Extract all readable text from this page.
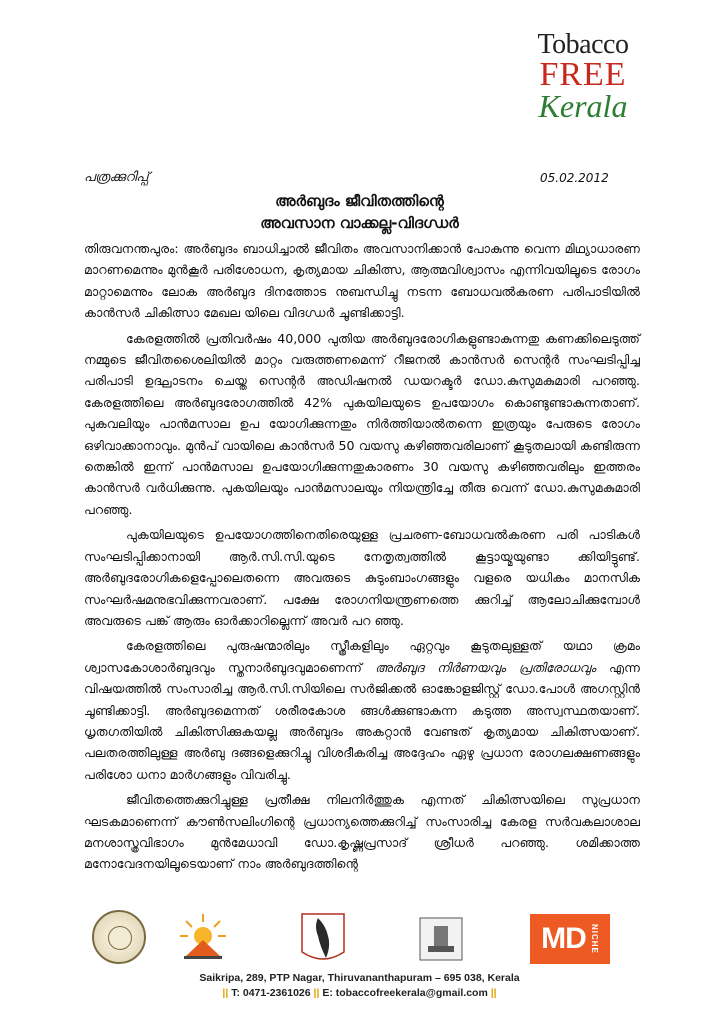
Tobacco
FREE
Kerala
പത്രക്കുറിപ്പ്	05.02.2012
അർബുദം ജീവിതത്തിന്റെ
അവസാന വാക്കല്ല-വിദഗ്ധർ

തിരുവനന്തപുരം: അർബുദം ബാധിച്ചാൽ ജീവിതം അവസാനിക്കാൻ പോകുന്നു വെന്ന മിഥ്യാധാരണ മാറണമെന്നും മുൻകൂർ പരിശോധന, കൃത്യമായ ചികിത്സ, ആത്മവിശ്വാസം എന്നിവയിലൂടെ രോഗം മാറ്റാമെന്നും ലോക അർബുദ ദിനത്തോട നുബന്ധിച്ചു നടന്ന ബോധവൽകരണ പരിപാടിയിൽ കാൻസർ ചികിത്സാ മേഖല യിലെ വിദഗ്ധർ ചൂണ്ടിക്കാട്ടി.

കേരളത്തിൽ പ്രതിവർഷം 40,000 പുതിയ അർബുദരോഗികളുണ്ടാകുന്നതു കണക്കിലെടുത്ത് നമ്മുടെ ജീവിതശൈലിയിൽ മാറ്റം വരുത്തണമെന്ന് റീജനൽ കാൻസർ സെന്റർ സംഘടിപ്പിച്ച പരിപാടി ഉദ്ഘാടനം ചെയ്ത സെന്റർ അഡിഷനൽ ഡയറക്ടർ ഡോ.കുസുമകുമാരി പറഞ്ഞു. കേരളത്തിലെ അർബുദരോഗത്തിൽ 42% പുകയിലയുടെ ഉപയോഗം കൊണ്ടുണ്ടാകുന്നതാണ്. പുകവലിയും പാൻമസാല ഉപ യോഗിക്കുന്നതും നിർത്തിയാൽതന്നെ ഇത്രയും പേരുടെ രോഗം ഒഴിവാക്കാനാവും. മുൻപ് വായിലെ കാൻസർ 50 വയസു കഴിഞ്ഞവരിലാണ് കൂടുതലായി കണ്ടിരുന്ന തെങ്കിൽ ഇന്ന് പാൻമസാല ഉപയോഗിക്കുന്നതുകാരണം 30 വയസു കഴിഞ്ഞവരിലും ഇത്തരം കാൻസർ വർധിക്കുന്നു. പുകയിലയും പാൻമസാലയും നിയന്ത്രിച്ചേ തീരു വെന്ന് ഡോ.കുസുമകുമാരി പറഞ്ഞു.

പുകയിലയുടെ ഉപയോഗത്തിനെതിരെയുള്ള പ്രചരണ-ബോധവൽകരണ പരി പാടികൾ സംഘടിപ്പിക്കാനായി ആർ.സി.സി.യുടെ നേതൃത്വത്തിൽ കൂട്ടായ്മയുണ്ടാ ക്കിയിട്ടുണ്ട്. അർബുദരോഗികളെപ്പോലെതന്നെ അവരുടെ കുടുംബാംഗങ്ങളും വളരെ യധികം മാനസിക സംഘർഷമനുഭവിക്കുന്നവരാണ്. പക്ഷേ രോഗനിയന്ത്രണത്തെ ക്കുറിച്ച് ആലോചിക്കുമ്പോൾ അവരുടെ പങ്ക് ആരും ഓർക്കാറില്ലെന്ന് അവർ പറ ഞ്ഞു.

കേരളത്തിലെ പുരുഷന്മാരിലും സ്ത്രീകളിലും ഏറ്റവും കൂടുതലുള്ളത് യഥാ ക്രമം ശ്വാസകോശാർബുദവും സ്തനാർബുദവുമാണെന്ന് അർബുദ നിർണയവും പ്രതിരോധവും എന്ന വിഷയത്തിൽ സംസാരിച്ച ആർ.സി.സിയിലെ സർജിക്കൽ ഓങ്കോളജിസ്റ്റ് ഡോ.പോൾ അഗസ്റ്റിൻ ചൂണ്ടിക്കാട്ടി. അർബുദമെന്നത് ശരീരകോശ ങ്ങൾക്കുണ്ടാകുന്ന കടുത്ത അസ്വസ്ഥതയാണ്. ധൃതഗതിയിൽ ചികിത്സിക്കുകയല്ല അർബുദം അകറ്റാൻ വേണ്ടത് കൃത്യമായ ചികിത്സയാണ്. പലതരത്തിലുള്ള അർബു ദങ്ങളെക്കുറിച്ചു വിശദീകരിച്ച അദ്ദേഹം ഏഴു പ്രധാന രോഗലക്ഷണങ്ങളും പരിശോ ധനാ മാർഗങ്ങളും വിവരിച്ചു.

ജീവിതത്തെക്കുറിച്ചുള്ള പ്രതീക്ഷ നിലനിർത്തുക എന്നത് ചികിത്സയിലെ സുപ്രധാന ഘടകമാണെന്ന് കൗൺസലിംഗിന്റെ പ്രധാന്യത്തെക്കുറിച്ച് സംസാരിച്ച കേരള സർവകലാശാല മനശാസ്ത്രവിഭാഗം മുൻമേധാവി ഡോ.കൃഷ്ണപ്രസാദ് ശ്രീധർ പറഞ്ഞു. ശമിക്കാത്ത മനോവേദനയിലൂടെയാണ് നാം അർബുദത്തിന്റെ

MD NICHE
Saikripa, 289, PTP Nagar, Thiruvananthapuram – 695 038, Kerala
|| T: 0471-2361026 || E: tobaccofreekerala@gmail.com ||
